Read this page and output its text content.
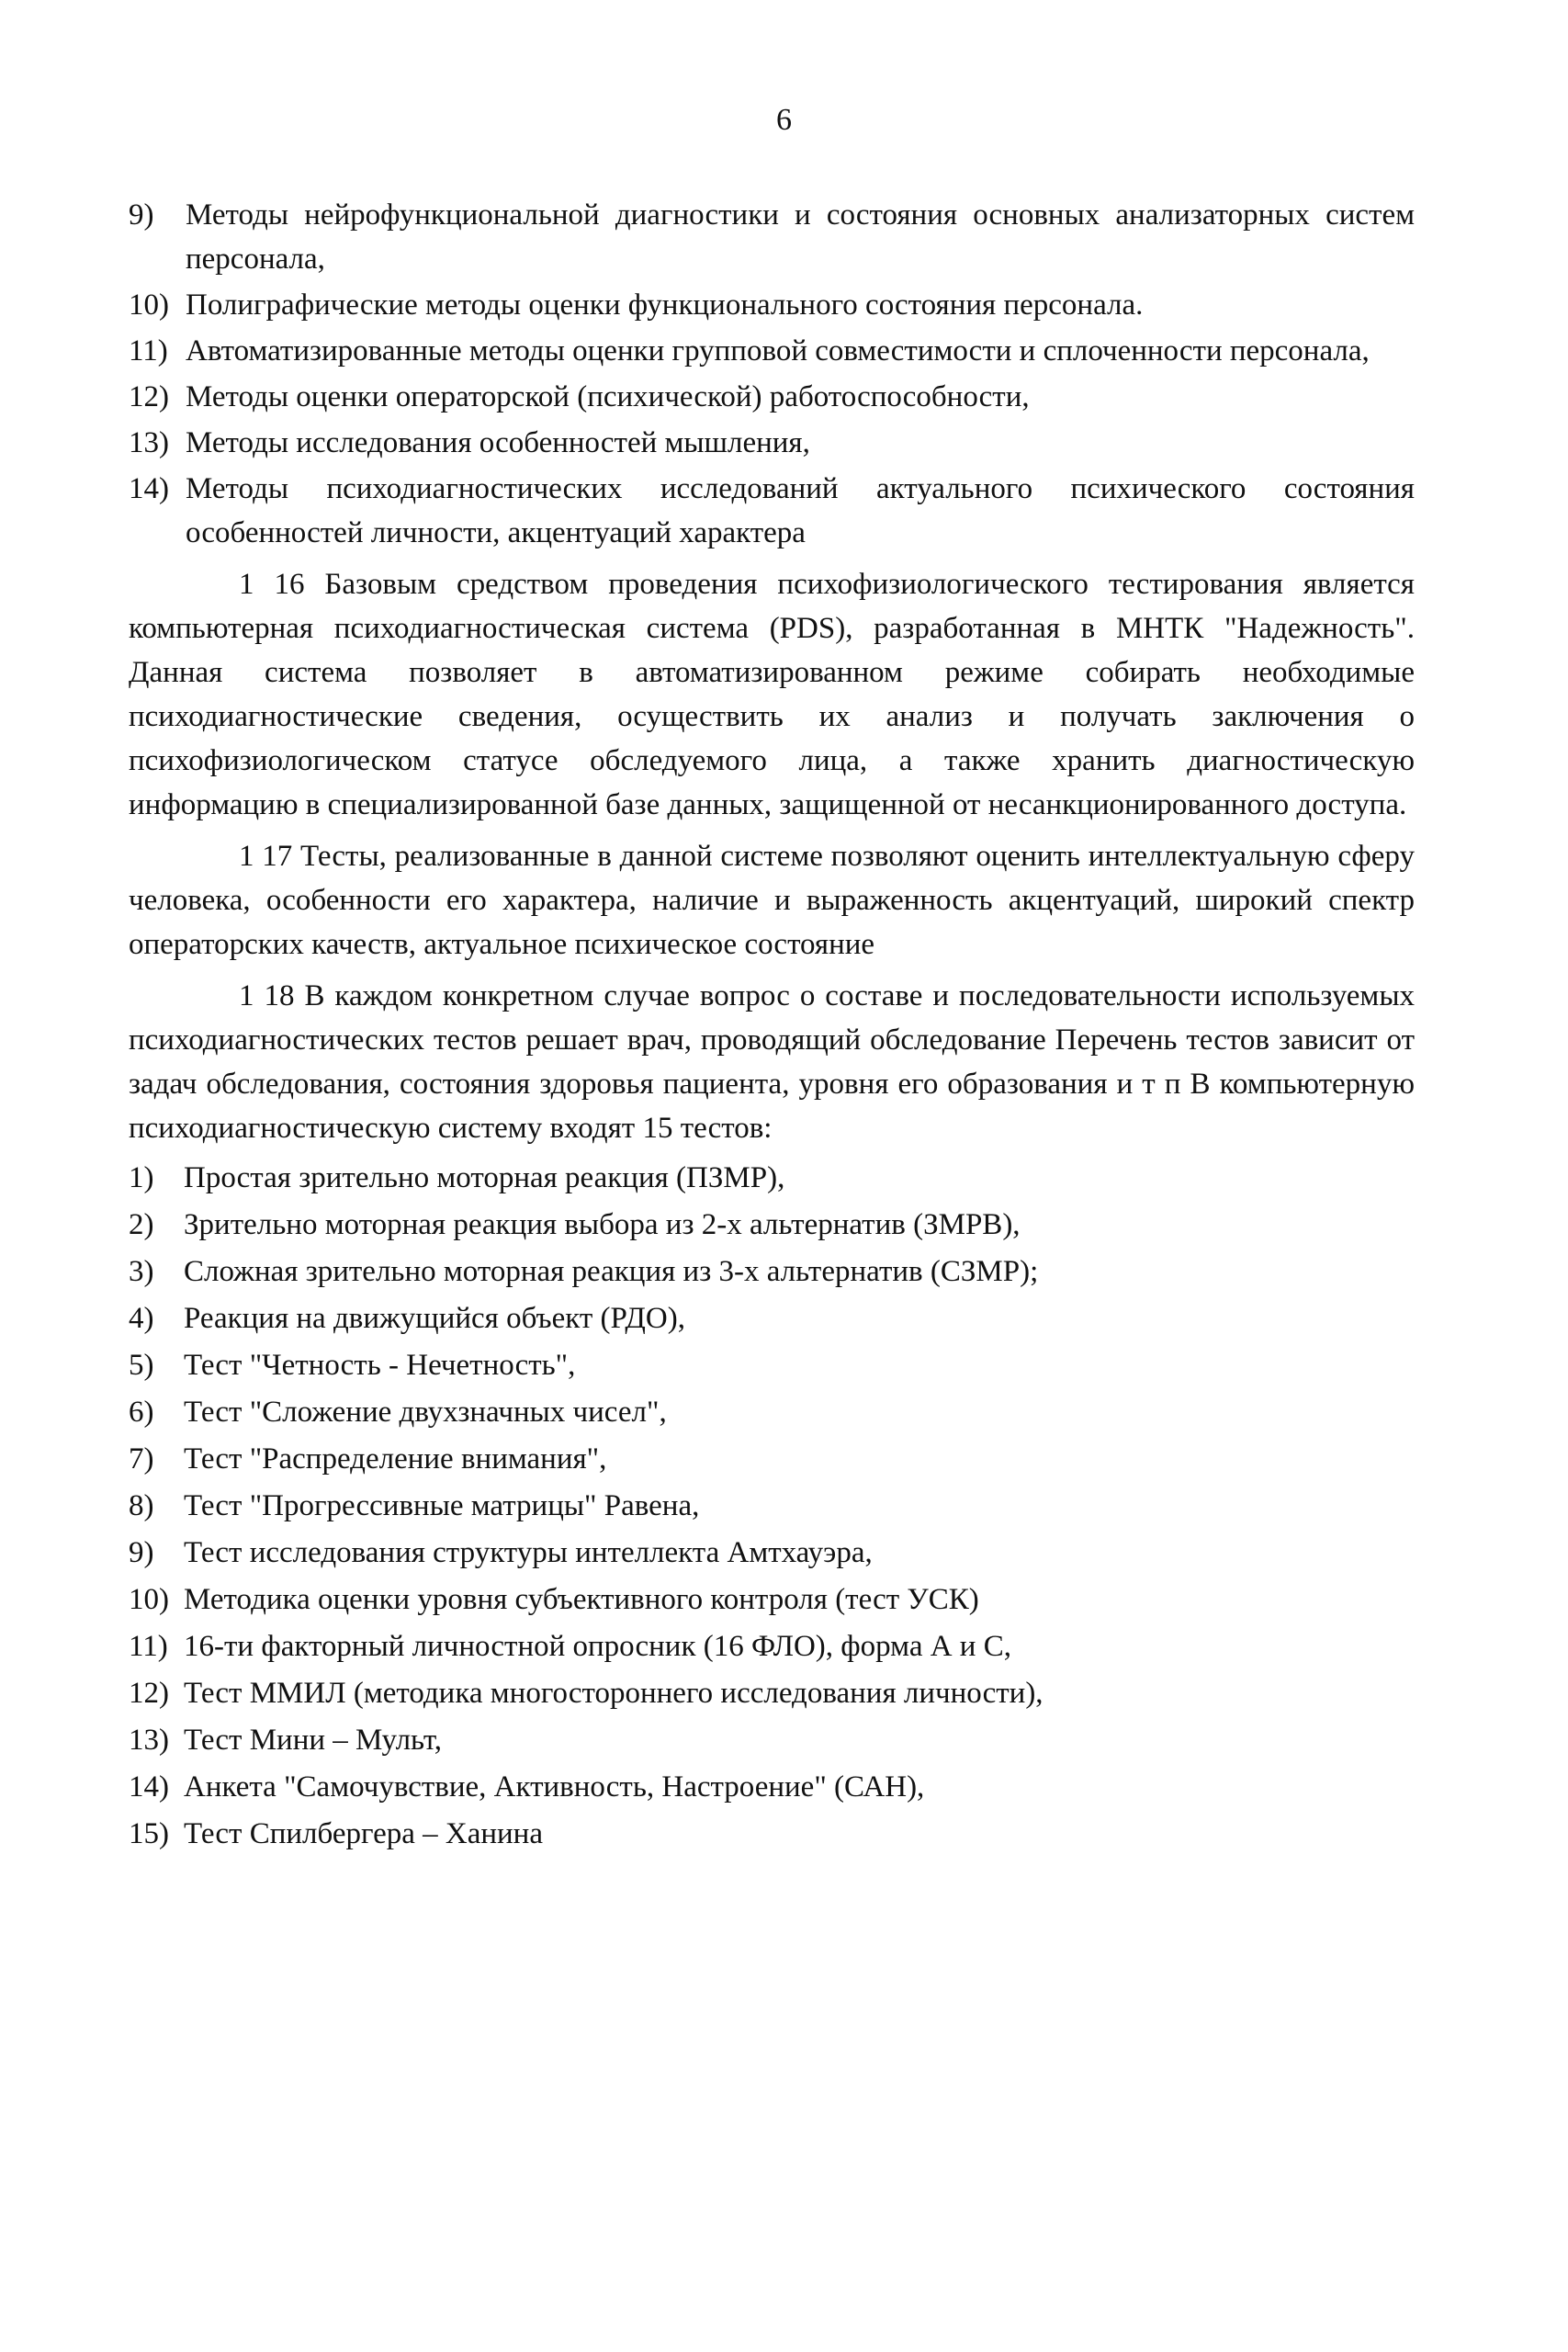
6
9)	Методы нейрофункциональной диагностики и состояния основных анализаторных систем персонала,
10) Полиграфические методы оценки функционального состояния персонала.
11) Автоматизированные методы оценки групповой совместимости и сплоченности персонала,
12) Методы оценки операторской (психической) работоспособности,
13) Методы исследования особенностей мышления,
14) Методы психодиагностических исследований актуального психического состояния особенностей личности, акцентуаций характера

1 16 Базовым средством проведения психофизиологического тестирования является компьютерная психодиагностическая система (PDS), разработанная в МНТК "Надежность". Данная система позволяет в автоматизированном режиме собирать необходимые психодиагностические сведения, осуществить их анализ и получать заключения о психофизиологическом статусе обследуемого лица, а также хранить диагностическую информацию в специализированной базе данных, защищенной от несанкционированного доступа.

1 17 Тесты, реализованные в данной системе позволяют оценить интеллектуальную сферу человека, особенности его характера, наличие и выраженность акцентуаций, широкий спектр операторских качеств, актуальное психическое состояние

1 18 В каждом конкретном случае вопрос о составе и последовательности используемых психодиагностических тестов решает врач, проводящий обследование Перечень тестов зависит от задач обследования, состояния здоровья пациента, уровня его образования и т п В компьютерную психодиагностическую систему входят 15 тестов:

1) Простая зрительно моторная реакция (ПЗМР),
2) Зрительно моторная реакция выбора из 2-х альтернатив (ЗМРВ),
3) Сложная зрительно моторная реакция из 3-х альтернатив (СЗМР);
4) Реакция на движущийся объект (РДО),
5) Тест "Четность - Нечетность",
6) Тест "Сложение двухзначных чисел",
7) Тест "Распределение внимания",
8) Тест "Прогрессивные матрицы" Равена,
9) Тест исследования структуры интеллекта Амтхауэра,
10) Методика оценки уровня субъективного контроля (тест УСК)
11) 16-ти факторный личностной опросник (16 ФЛО), форма А и С,
12) Тест ММИЛ (методика многостороннего исследования личности),
13) Тест Мини – Мульт,
14) Анкета "Самочувствие, Активность, Настроение" (САН),
15) Тест Спилбергера – Ханина
